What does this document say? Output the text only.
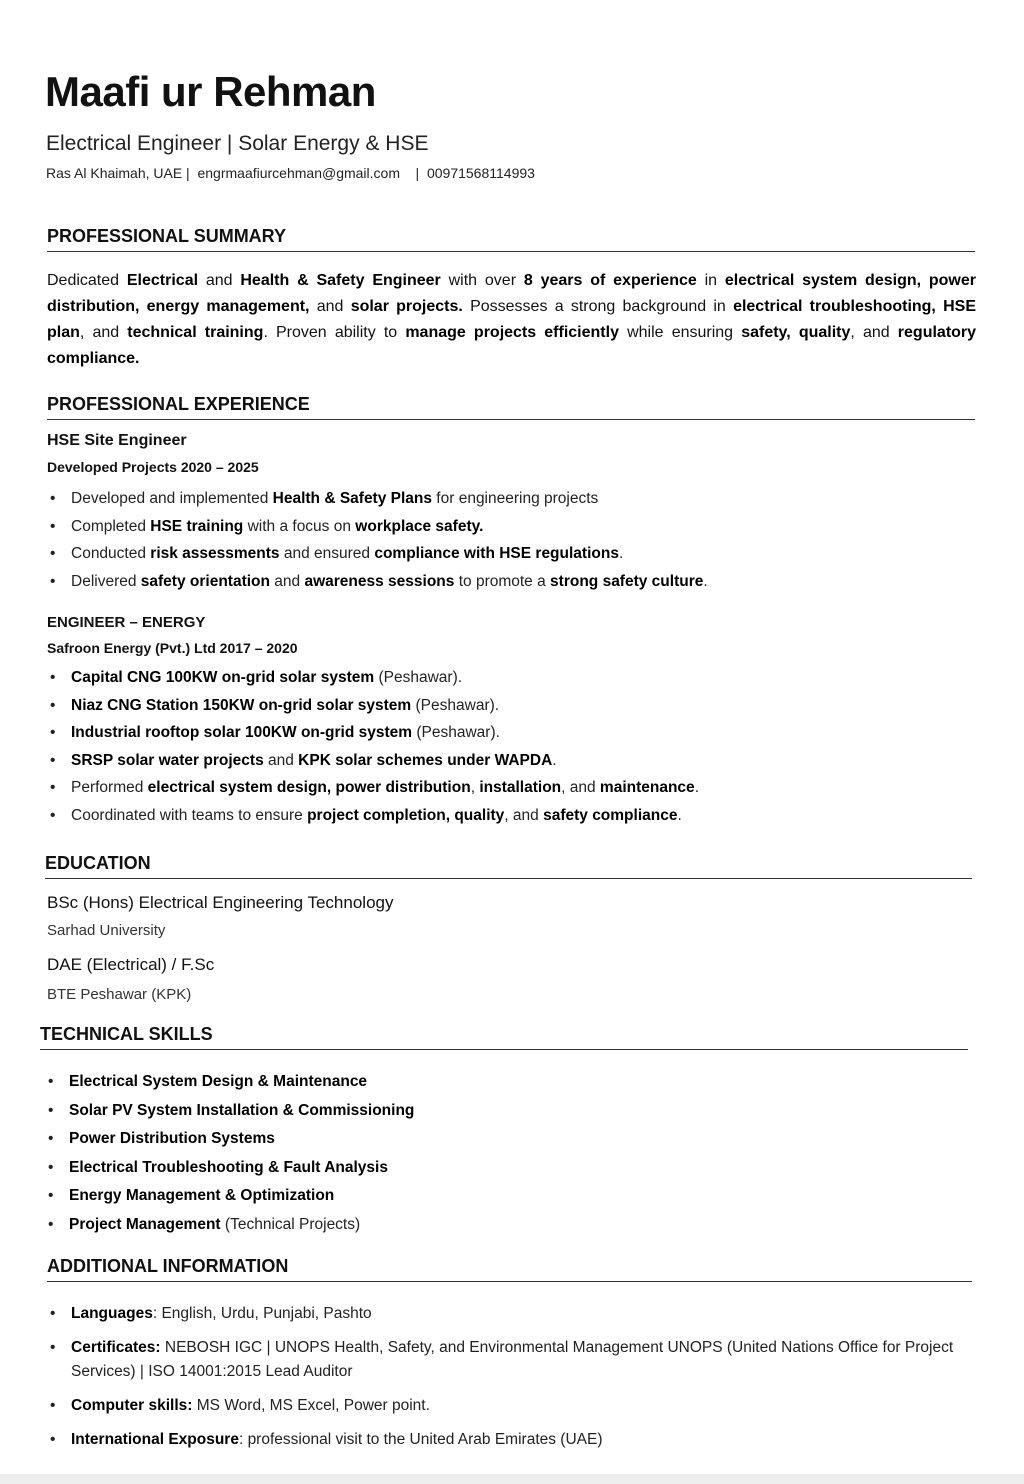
Maafi ur Rehman
Electrical Engineer | Solar Energy & HSE
Ras Al Khaimah, UAE |  engrmaafiurcehman@gmail.com    |  00971568114993
PROFESSIONAL SUMMARY
Dedicated Electrical and Health & Safety Engineer with over 8 years of experience in electrical system design, power distribution, energy management, and solar projects. Possesses a strong background in electrical troubleshooting, HSE plan, and technical training. Proven ability to manage projects efficiently while ensuring safety, quality, and regulatory compliance.
PROFESSIONAL EXPERIENCE
HSE Site Engineer
Developed Projects 2020 – 2025
• Developed and implemented Health & Safety Plans for engineering projects
• Completed HSE training with a focus on workplace safety.
• Conducted risk assessments and ensured compliance with HSE regulations.
• Delivered safety orientation and awareness sessions to promote a strong safety culture.
ENGINEER – ENERGY
Safroon Energy (Pvt.) Ltd 2017 – 2020
• Capital CNG 100KW on-grid solar system (Peshawar).
• Niaz CNG Station 150KW on-grid solar system (Peshawar).
• Industrial rooftop solar 100KW on-grid system (Peshawar).
• SRSP solar water projects and KPK solar schemes under WAPDA.
• Performed electrical system design, power distribution, installation, and maintenance.
• Coordinated with teams to ensure project completion, quality, and safety compliance.
EDUCATION
BSc (Hons) Electrical Engineering Technology
Sarhad University
DAE (Electrical) / F.Sc
BTE Peshawar (KPK)
TECHNICAL SKILLS
• Electrical System Design & Maintenance
• Solar PV System Installation & Commissioning
• Power Distribution Systems
• Electrical Troubleshooting & Fault Analysis
• Energy Management & Optimization
• Project Management (Technical Projects)
ADDITIONAL INFORMATION
• Languages: English, Urdu, Punjabi, Pashto
• Certificates: NEBOSH IGC | UNOPS Health, Safety, and Environmental Management UNOPS (United Nations Office for Project Services) | ISO 14001:2015 Lead Auditor
• Computer skills: MS Word, MS Excel, Power point.
• International Exposure: professional visit to the United Arab Emirates (UAE)
